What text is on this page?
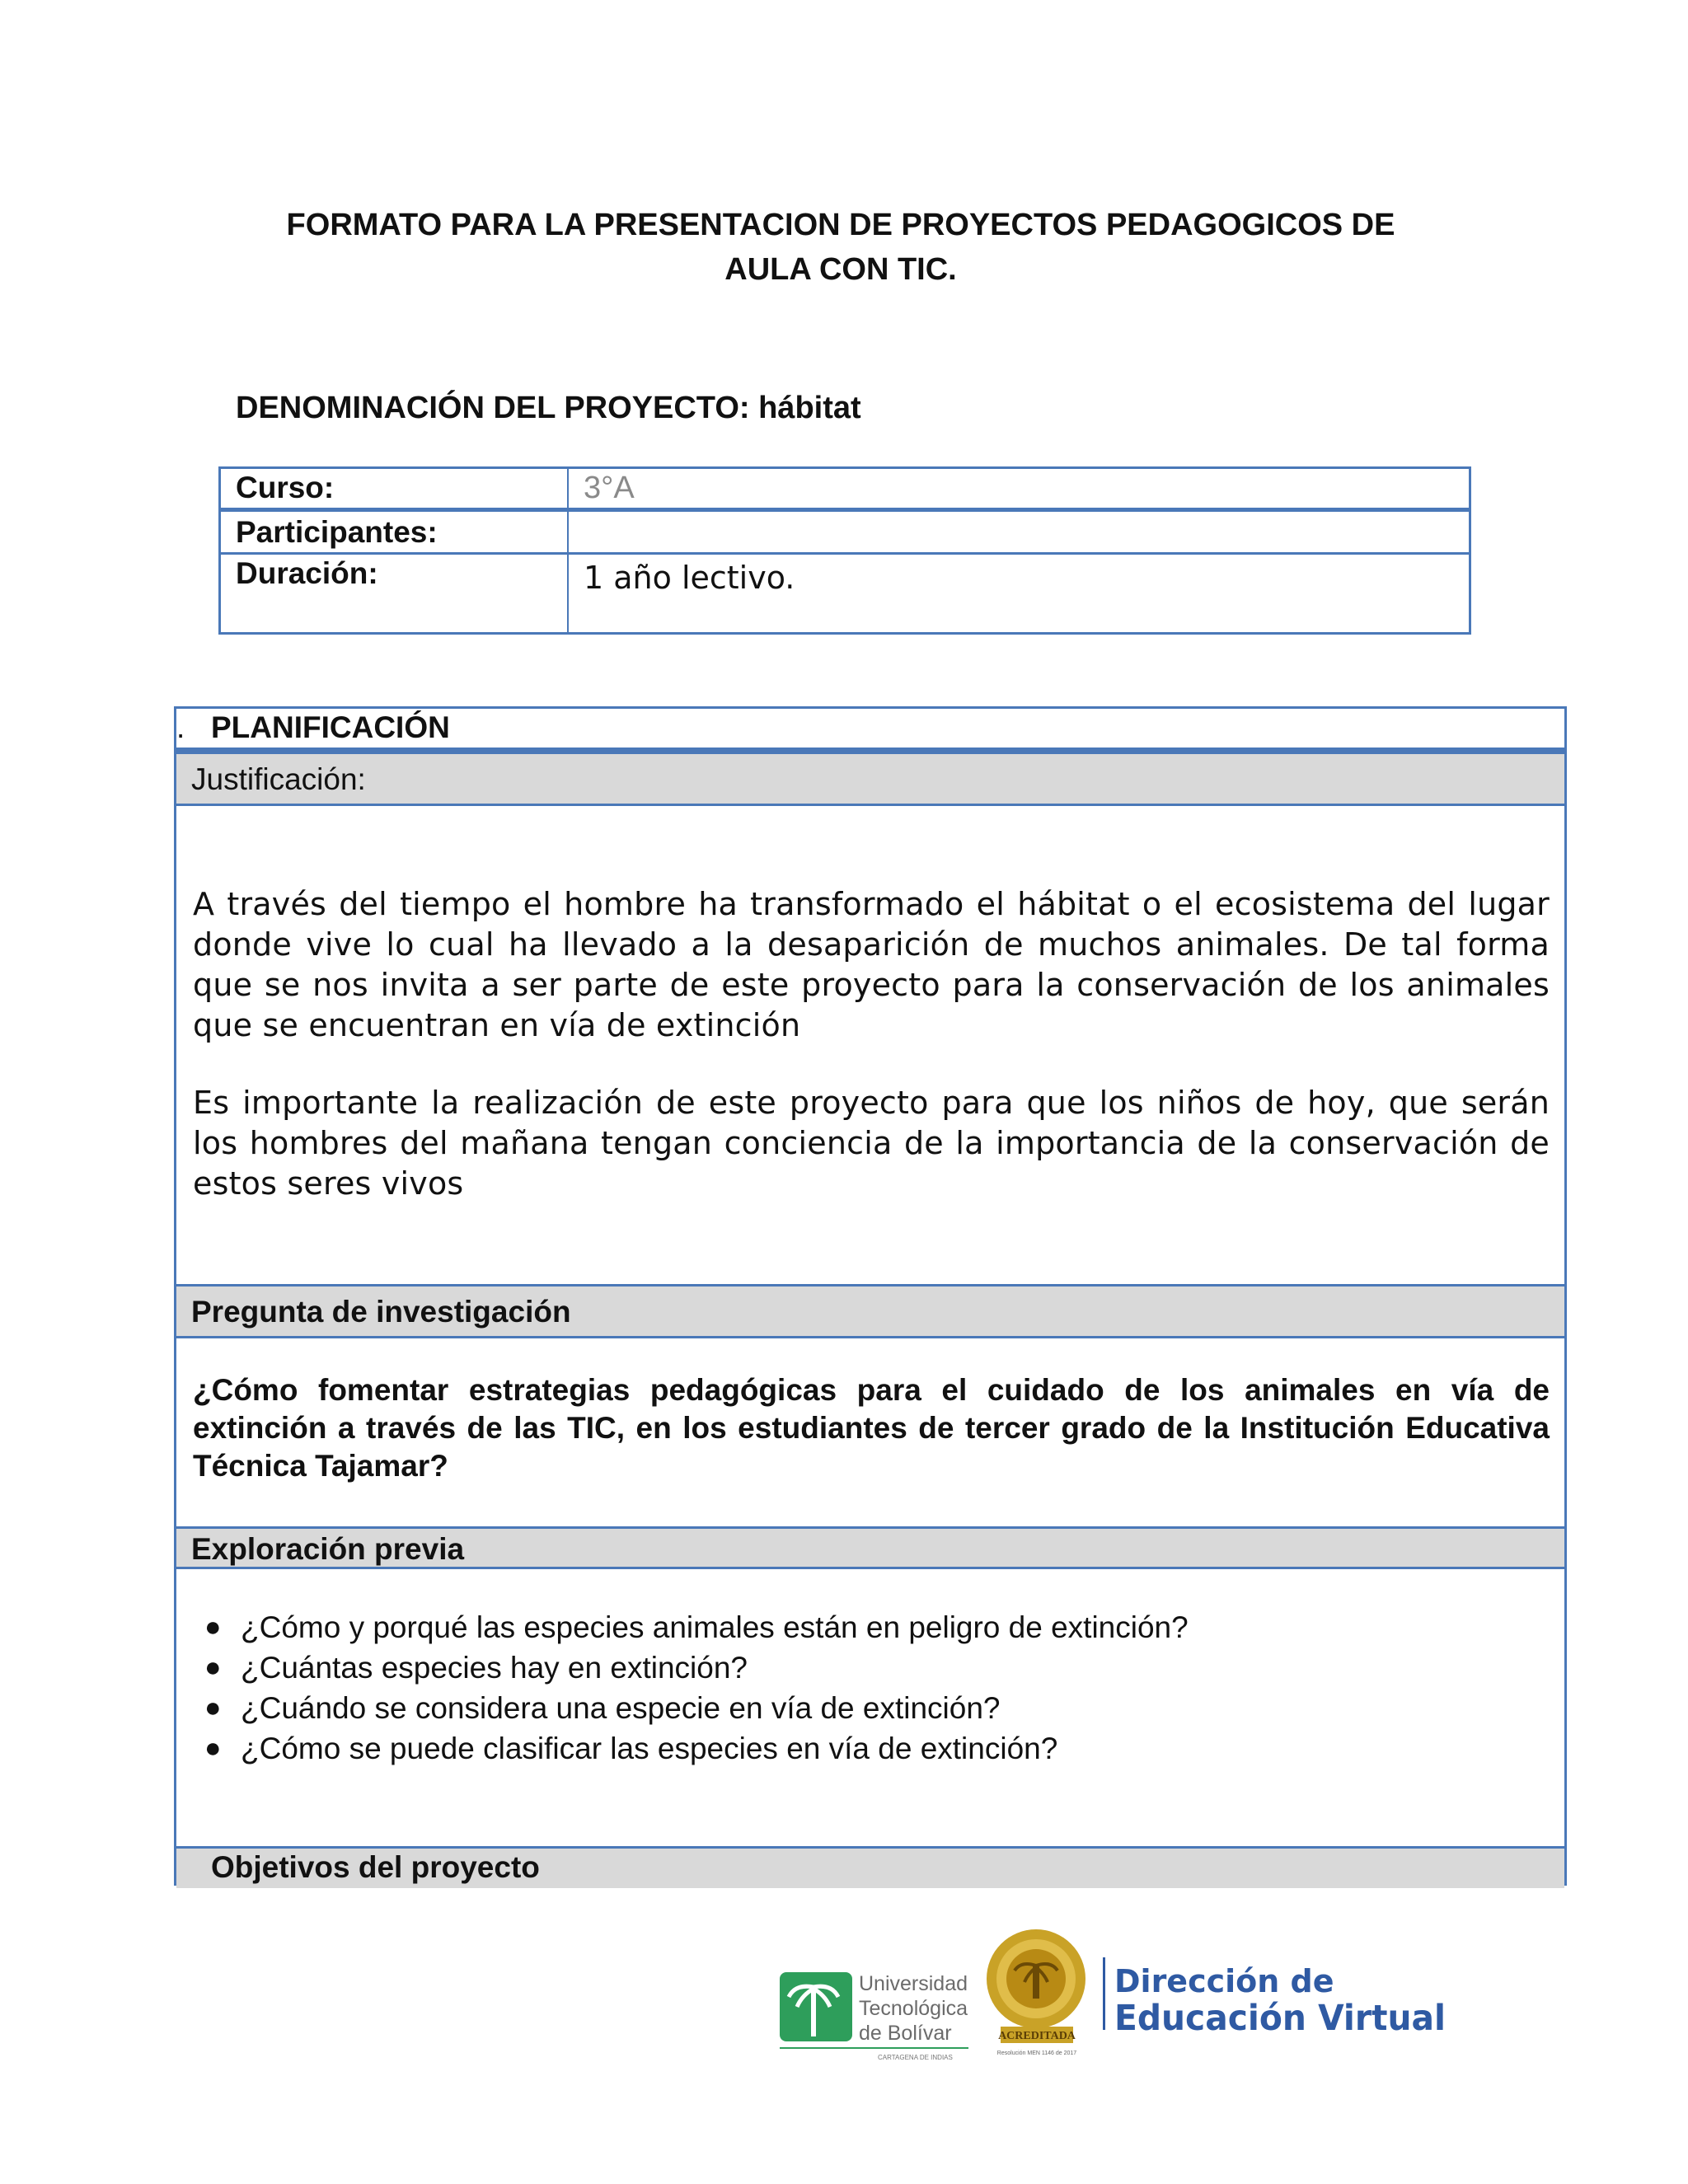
FORMATO PARA LA PRESENTACION DE PROYECTOS PEDAGOGICOS DE
AULA CON TIC.
DENOMINACIÓN DEL PROYECTO: hábitat
Curso:	3°A
Participantes:
Duración:	1 año lectivo.
. PLANIFICACIÓN
Justificación:
A través del tiempo el hombre ha transformado el hábitat o el ecosistema del lugar donde vive lo cual ha llevado a la desaparición de muchos animales. De tal forma que se nos invita a ser parte de este proyecto para la conservación de los animales que se encuentran en vía de extinción
Es importante la realización de este proyecto para que los niños de hoy, que serán los hombres del mañana tengan conciencia de la importancia de la conservación de estos seres vivos
Pregunta de investigación
¿Cómo fomentar estrategias pedagógicas para el cuidado de los animales en vía de extinción a través de las TIC, en los estudiantes de tercer grado de la Institución Educativa Técnica Tajamar?
Exploración previa
● ¿Cómo y porqué las especies animales están en peligro de extinción?
● ¿Cuántas especies hay en extinción?
● ¿Cuándo se considera una especie en vía de extinción?
● ¿Cómo se puede clasificar las especies en vía de extinción?
Objetivos del proyecto
Universidad
Tecnológica
de Bolívar
CARTAGENA DE INDIAS
ACREDITADA
Resolución MEN 1146 de 2017
Dirección de
Educación Virtual
